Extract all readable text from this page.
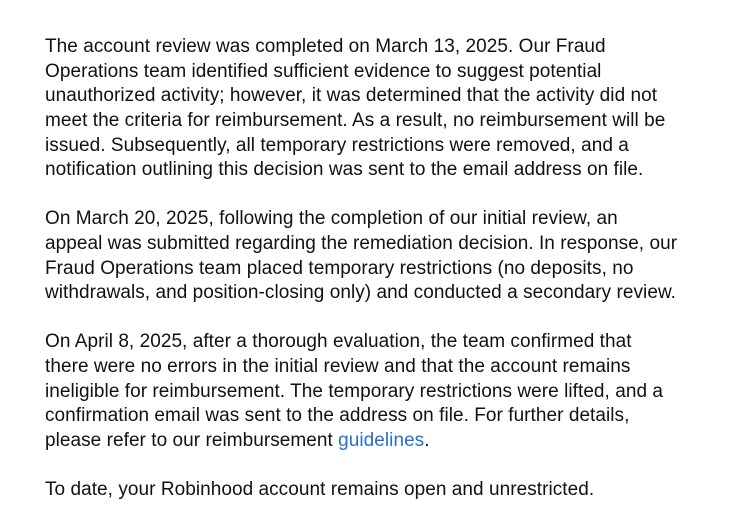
The account review was completed on March 13, 2025. Our Fraud
Operations team identified sufficient evidence to suggest potential
unauthorized activity; however, it was determined that the activity did not
meet the criteria for reimbursement. As a result, no reimbursement will be
issued. Subsequently, all temporary restrictions were removed, and a
notification outlining this decision was sent to the email address on file.
On March 20, 2025, following the completion of our initial review, an
appeal was submitted regarding the remediation decision. In response, our
Fraud Operations team placed temporary restrictions (no deposits, no
withdrawals, and position-closing only) and conducted a secondary review.
On April 8, 2025, after a thorough evaluation, the team confirmed that
there were no errors in the initial review and that the account remains
ineligible for reimbursement. The temporary restrictions were lifted, and a
confirmation email was sent to the address on file. For further details,
please refer to our reimbursement guidelines.
To date, your Robinhood account remains open and unrestricted.
